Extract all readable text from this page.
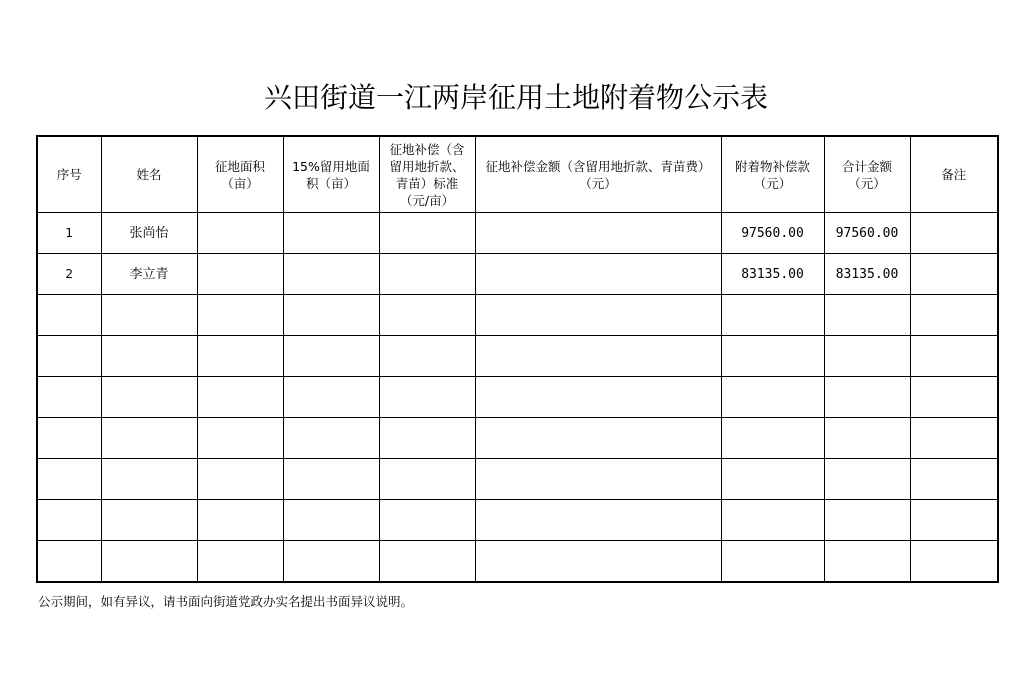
兴田街道一江两岸征用土地附着物公示表
序号	姓名	征地面积（亩）	15%留用地面积（亩）	征地补偿（含留用地折款、青苗）标准（元/亩）	征地补偿金额（含留用地折款、青苗费）（元）	附着物补偿款（元）	合计金额（元）	备注
1	张尚怡					97560.00	97560.00	
2	李立青					83135.00	83135.00	

公示期间，如有异议，请书面向街道党政办实名提出书面异议说明。
